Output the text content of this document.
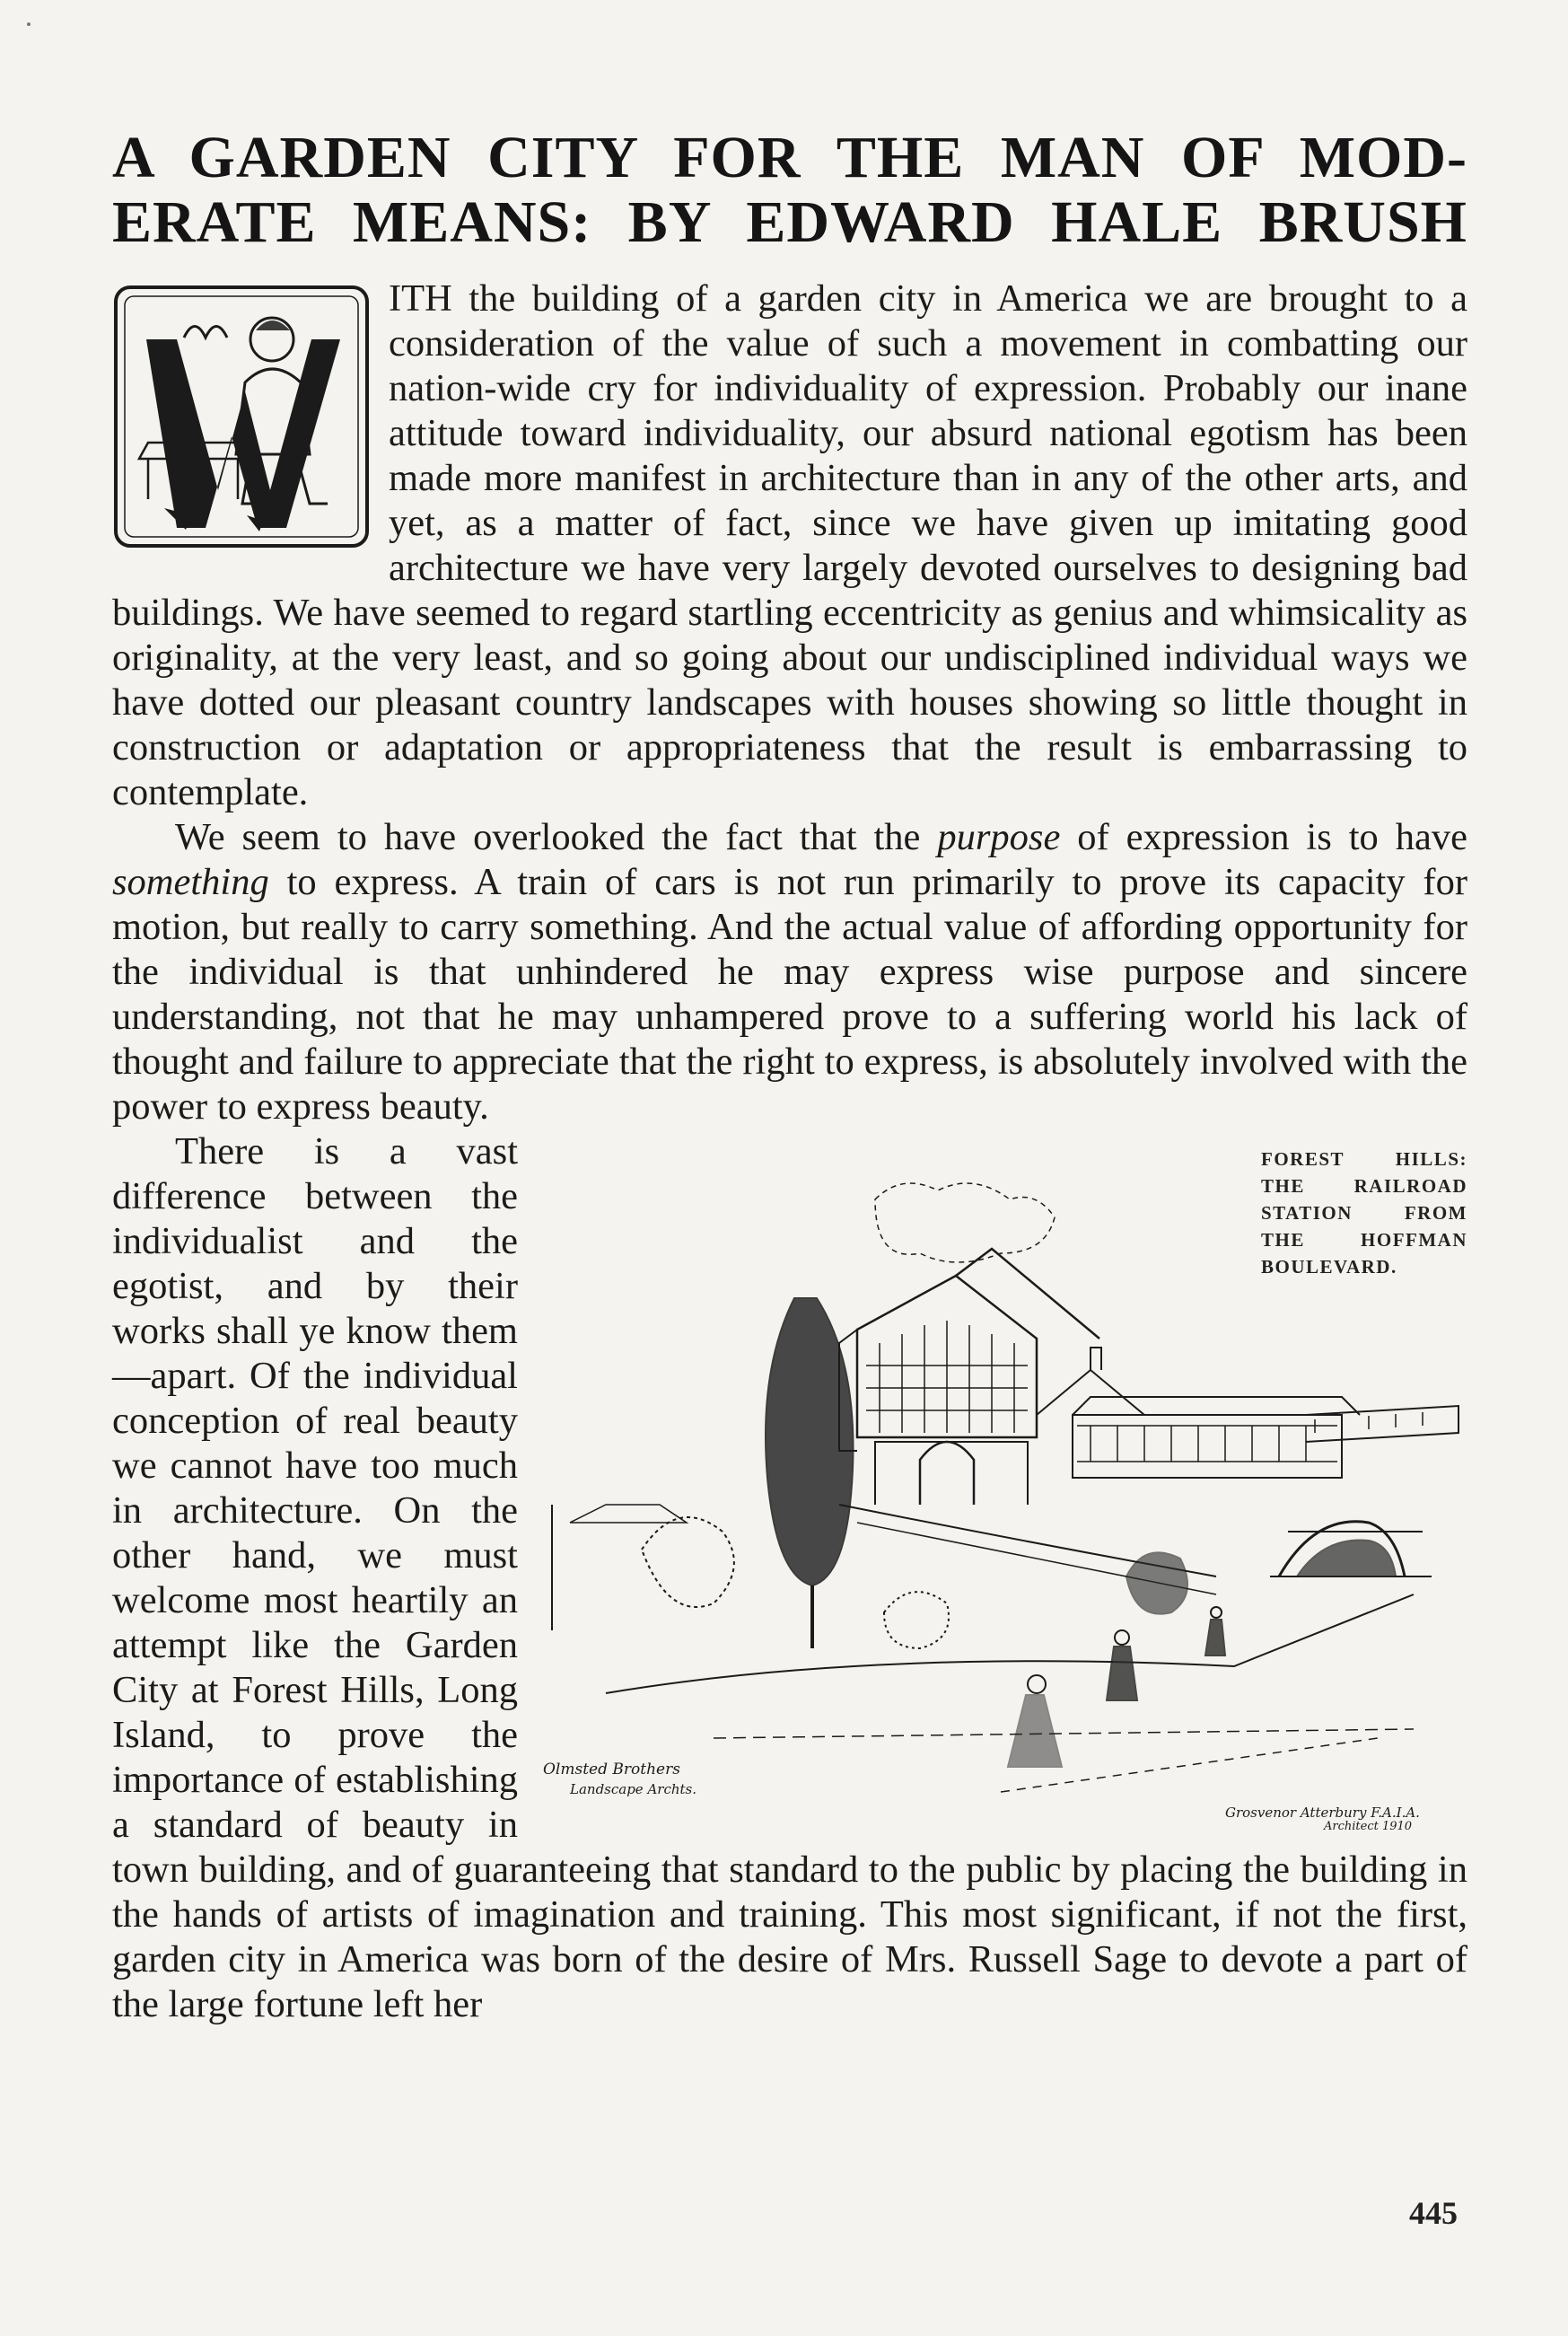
A GARDEN CITY FOR THE MAN OF MOD-
ERATE MEANS: BY EDWARD HALE BRUSH

ITH the building of a garden city in America we are brought to a consideration of the value of such a movement in combatting our nation-wide cry for individuality of expression. Probably our inane attitude toward individuality, our absurd national egotism has been made more manifest in architecture than in any of the other arts, and yet, as a matter of fact, since we have given up imitating good architecture we have very largely devoted ourselves to designing bad buildings. We have seemed to regard startling eccentricity as genius and whimsicality as originality, at the very least, and so going about our undisciplined individual ways we have dotted our pleasant country landscapes with houses showing so little thought in construction or adaptation or appropriateness that the result is embarrassing to contemplate.

We seem to have overlooked the fact that the purpose of expression is to have something to express. A train of cars is not run primarily to prove its capacity for motion, but really to carry something. And the actual value of affording opportunity for the individual is that unhindered he may express wise purpose and sincere understanding, not that he may unhampered prove to a suffering world his lack of thought and failure to appreciate that the right to express, is absolutely involved with the power to express beauty.

Olmsted Brothers
Landscape Archts.
Grosvenor Atterbury F.A.I.A.
Architect 1910
FOREST HILLS:
THE RAILROAD
STATION FROM
THE HOFFMAN
BOULEVARD.

There is a vast difference between the individualist and the egotist, and by their works shall ye know them—apart. Of the individual conception of real beauty we cannot have too much in architecture. On the other hand, we must welcome most heartily an attempt like the Garden City at Forest Hills, Long Island, to prove the importance of establishing a standard of beauty in town building, and of guaranteeing that standard to the public by placing the building in the hands of artists of imagination and training. This most significant, if not the first, garden city in America was born of the desire of Mrs. Russell Sage to devote a part of the large fortune left her

445
